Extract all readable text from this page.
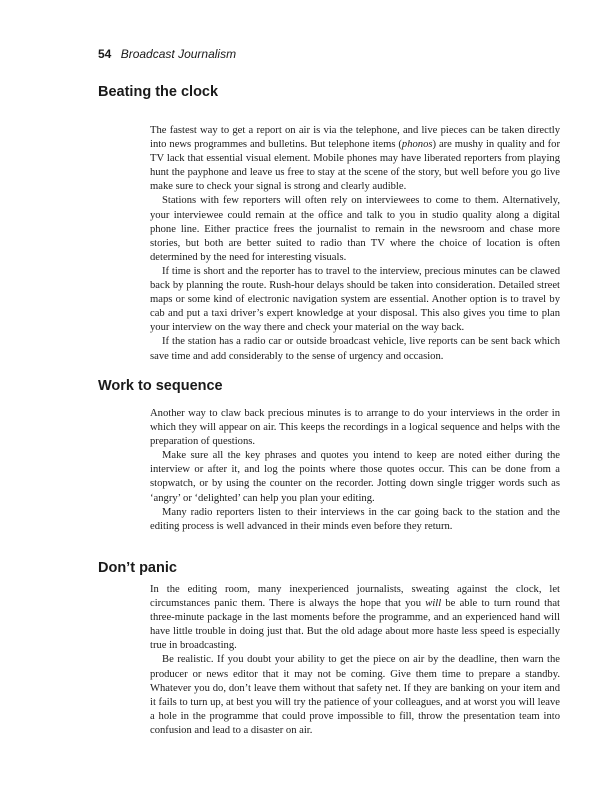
54 Broadcast Journalism
Beating the clock

The fastest way to get a report on air is via the telephone, and live pieces can be taken directly into news programmes and bulletins. But telephone items (phonos) are mushy in quality and for TV lack that essential visual element. Mobile phones may have liberated reporters from playing hunt the payphone and leave us free to stay at the scene of the story, but well before you go live make sure to check your signal is strong and clearly audible.

Stations with few reporters will often rely on interviewees to come to them. Alternatively, your interviewee could remain at the office and talk to you in studio quality along a digital phone line. Either practice frees the journalist to remain in the newsroom and chase more stories, but both are better suited to radio than TV where the choice of location is often determined by the need for interesting visuals.

If time is short and the reporter has to travel to the interview, precious minutes can be clawed back by planning the route. Rush-hour delays should be taken into consideration. Detailed street maps or some kind of electronic navigation system are essential. Another option is to travel by cab and put a taxi driver’s expert knowledge at your disposal. This also gives you time to plan your interview on the way there and check your material on the way back.

If the station has a radio car or outside broadcast vehicle, live reports can be sent back which save time and add considerably to the sense of urgency and occasion.

Work to sequence

Another way to claw back precious minutes is to arrange to do your interviews in the order in which they will appear on air. This keeps the recordings in a logical sequence and helps with the preparation of questions.

Make sure all the key phrases and quotes you intend to keep are noted either during the interview or after it, and log the points where those quotes occur. This can be done from a stopwatch, or by using the counter on the recorder. Jotting down single trigger words such as ‘angry’ or ‘delighted’ can help you plan your editing.

Many radio reporters listen to their interviews in the car going back to the station and the editing process is well advanced in their minds even before they return.

Don’t panic

In the editing room, many inexperienced journalists, sweating against the clock, let circumstances panic them. There is always the hope that you will be able to turn round that three-minute package in the last moments before the programme, and an experienced hand will have little trouble in doing just that. But the old adage about more haste less speed is especially true in broadcasting.

Be realistic. If you doubt your ability to get the piece on air by the deadline, then warn the producer or news editor that it may not be coming. Give them time to prepare a standby. Whatever you do, don’t leave them without that safety net. If they are banking on your item and it fails to turn up, at best you will try the patience of your colleagues, and at worst you will leave a hole in the programme that could prove impossible to fill, throw the presentation team into confusion and lead to a disaster on air.
